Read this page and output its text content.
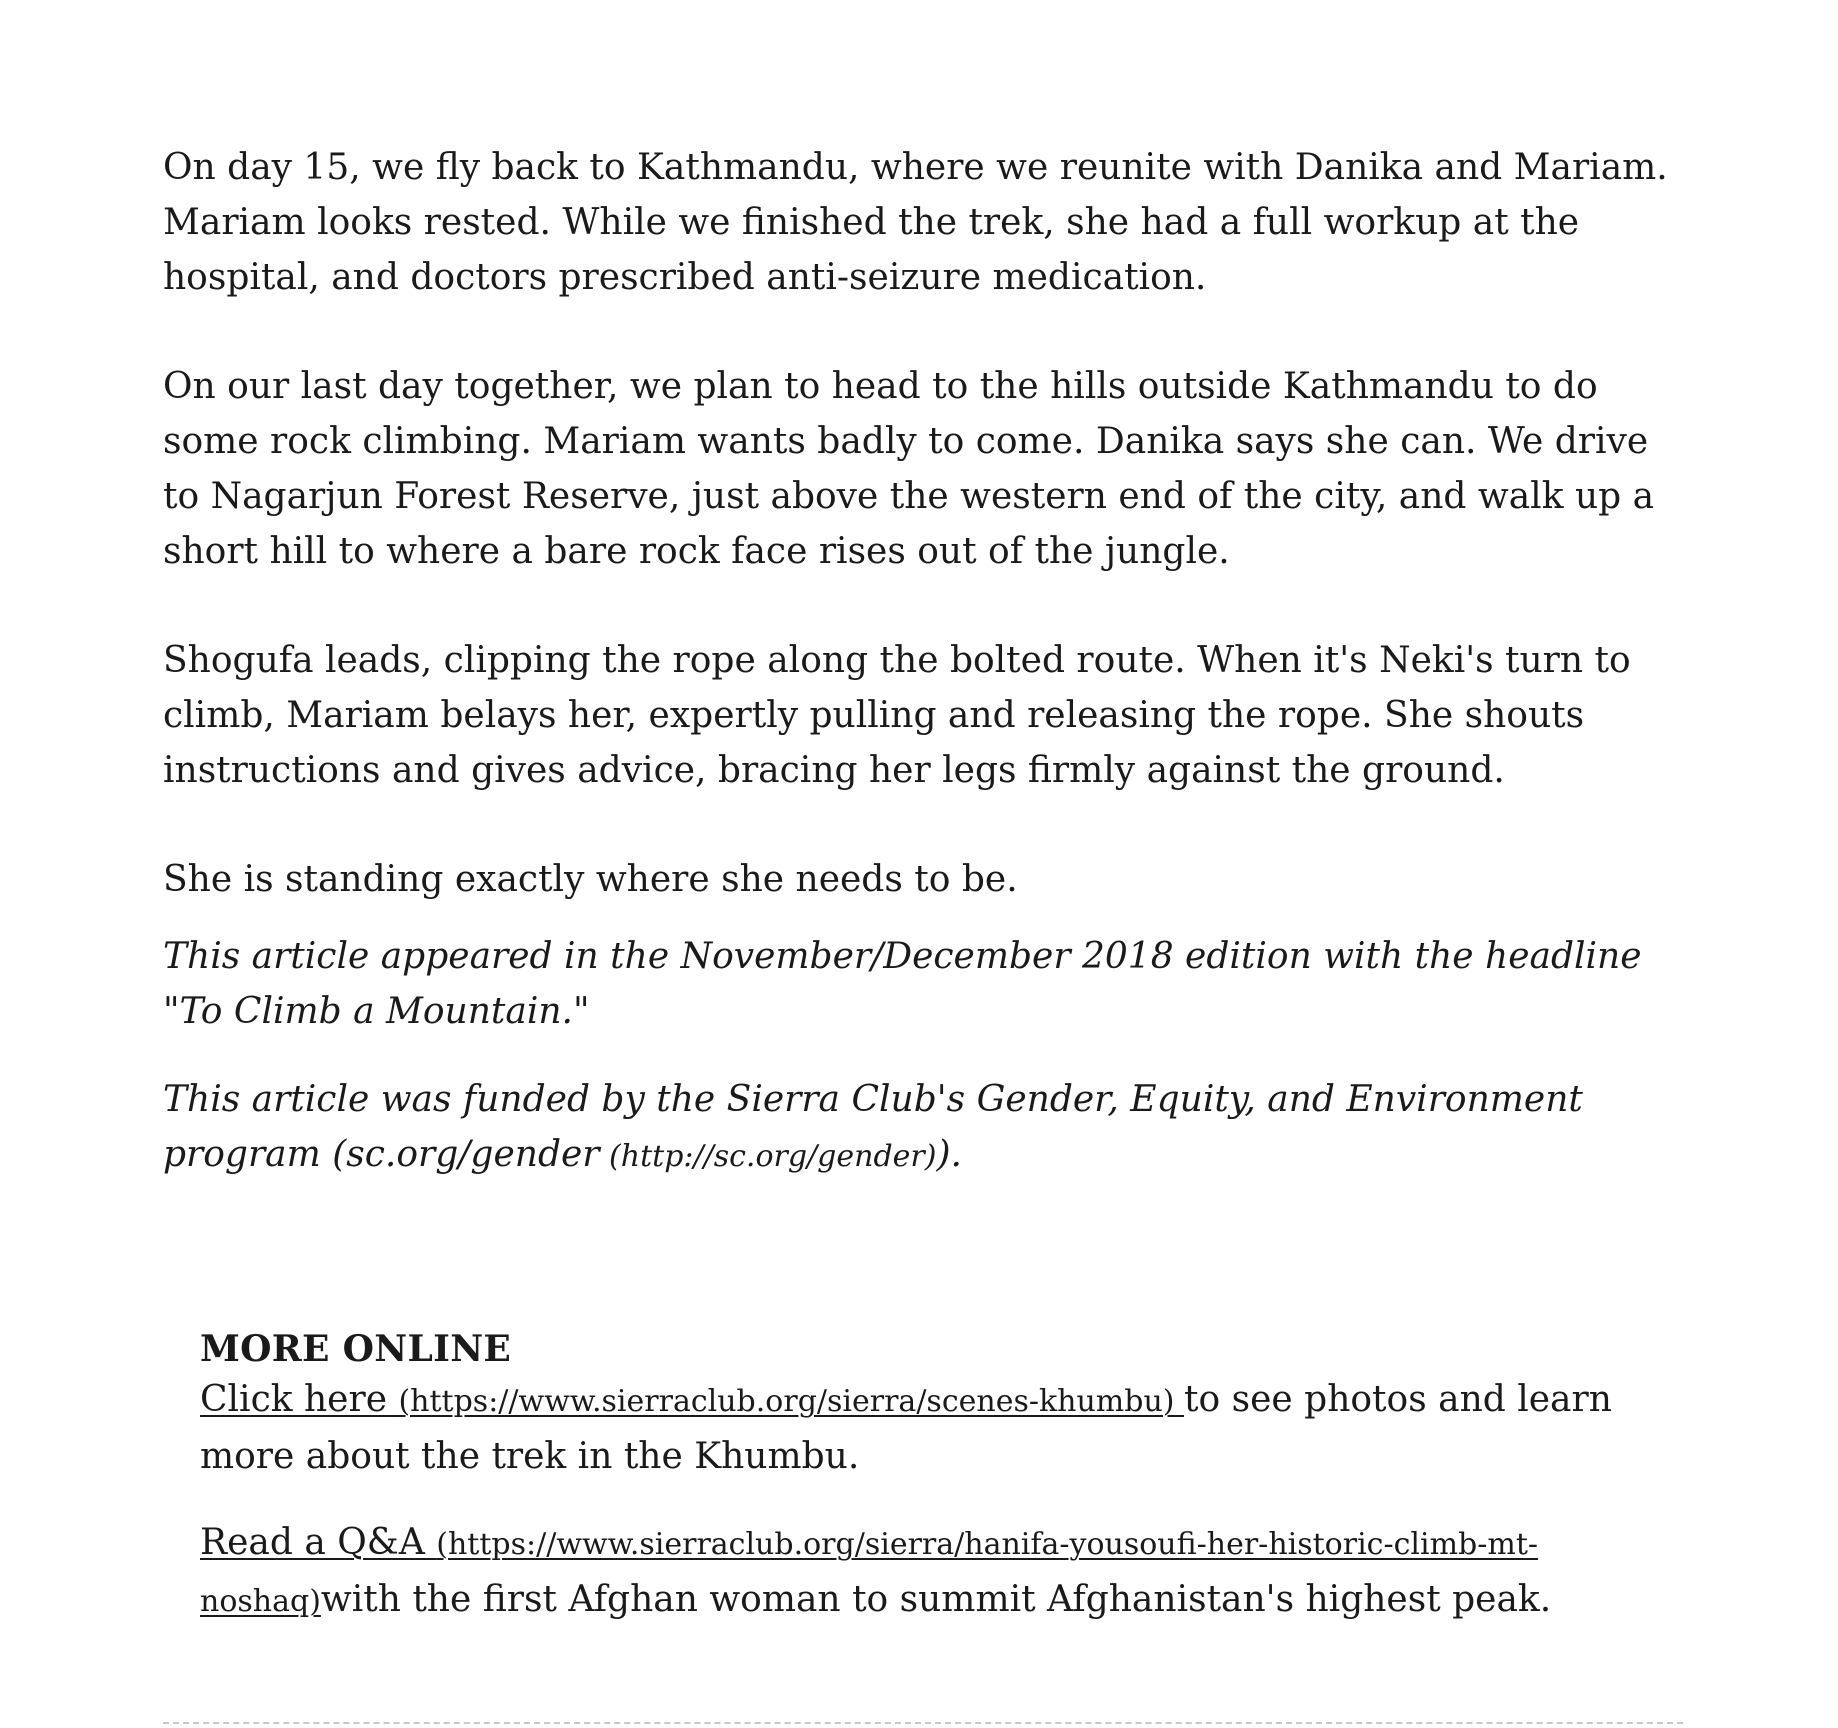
On day 15, we fly back to Kathmandu, where we reunite with Danika and Mariam. Mariam looks rested. While we finished the trek, she had a full workup at the hospital, and doctors prescribed anti-seizure medication.

On our last day together, we plan to head to the hills outside Kathmandu to do some rock climbing. Mariam wants badly to come. Danika says she can. We drive to Nagarjun Forest Reserve, just above the western end of the city, and walk up a short hill to where a bare rock face rises out of the jungle.

Shogufa leads, clipping the rope along the bolted route. When it's Neki's turn to climb, Mariam belays her, expertly pulling and releasing the rope. She shouts instructions and gives advice, bracing her legs firmly against the ground.

She is standing exactly where she needs to be.

This article appeared in the November/December 2018 edition with the headline "To Climb a Mountain."

This article was funded by the Sierra Club's Gender, Equity, and Environment program (sc.org/gender (http://sc.org/gender)).

MORE ONLINE

Click here (https://www.sierraclub.org/sierra/scenes-khumbu) to see photos and learn more about the trek in the Khumbu.

Read a Q&A (https://www.sierraclub.org/sierra/hanifa-yousoufi-her-historic-climb-mt-noshaq)with the first Afghan woman to summit Afghanistan's highest peak.
